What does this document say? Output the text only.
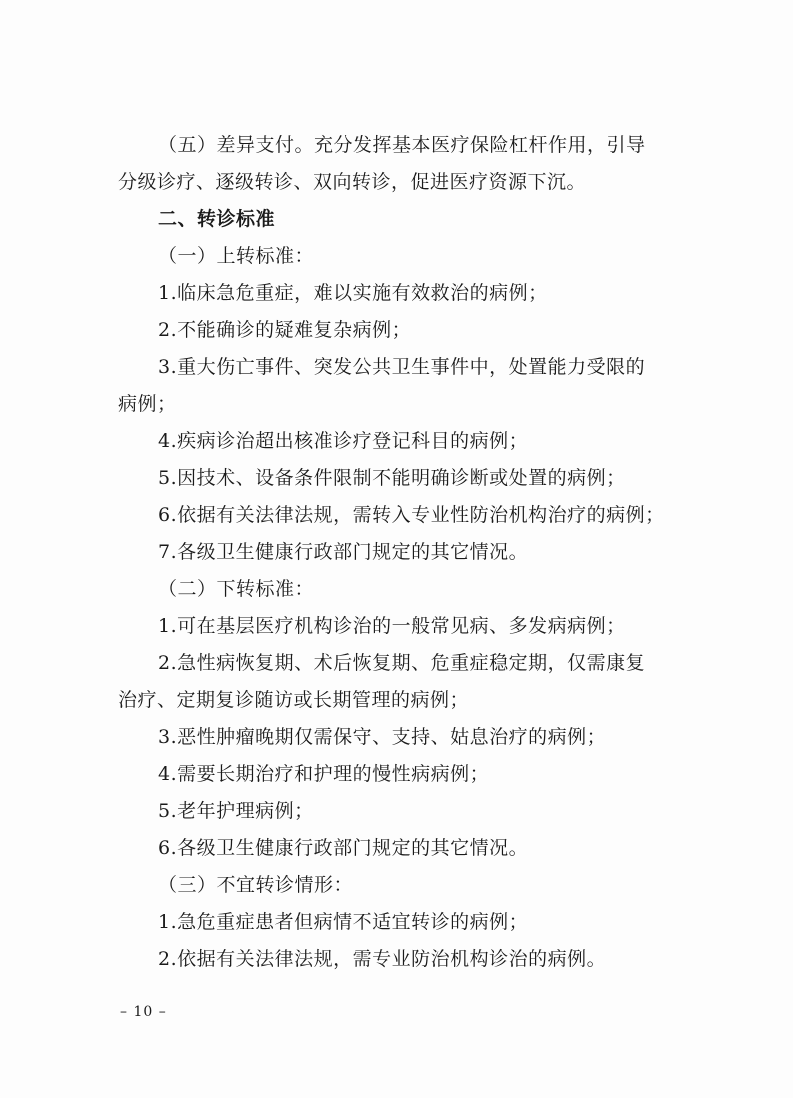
（五）差异支付。充分发挥基本医疗保险杠杆作用，引导
分级诊疗、逐级转诊、双向转诊，促进医疗资源下沉。
二、转诊标准
（一）上转标准：
1.临床急危重症，难以实施有效救治的病例；
2.不能确诊的疑难复杂病例；
3.重大伤亡事件、突发公共卫生事件中，处置能力受限的
病例；
4.疾病诊治超出核准诊疗登记科目的病例；
5.因技术、设备条件限制不能明确诊断或处置的病例；
6.依据有关法律法规，需转入专业性防治机构治疗的病例；
7.各级卫生健康行政部门规定的其它情况。
（二）下转标准：
1.可在基层医疗机构诊治的一般常见病、多发病病例；
2.急性病恢复期、术后恢复期、危重症稳定期，仅需康复
治疗、定期复诊随访或长期管理的病例；
3.恶性肿瘤晚期仅需保守、支持、姑息治疗的病例；
4.需要长期治疗和护理的慢性病病例；
5.老年护理病例；
6.各级卫生健康行政部门规定的其它情况。
（三）不宜转诊情形：
1.急危重症患者但病情不适宜转诊的病例；
2.依据有关法律法规，需专业防治机构诊治的病例。
– 10 –
